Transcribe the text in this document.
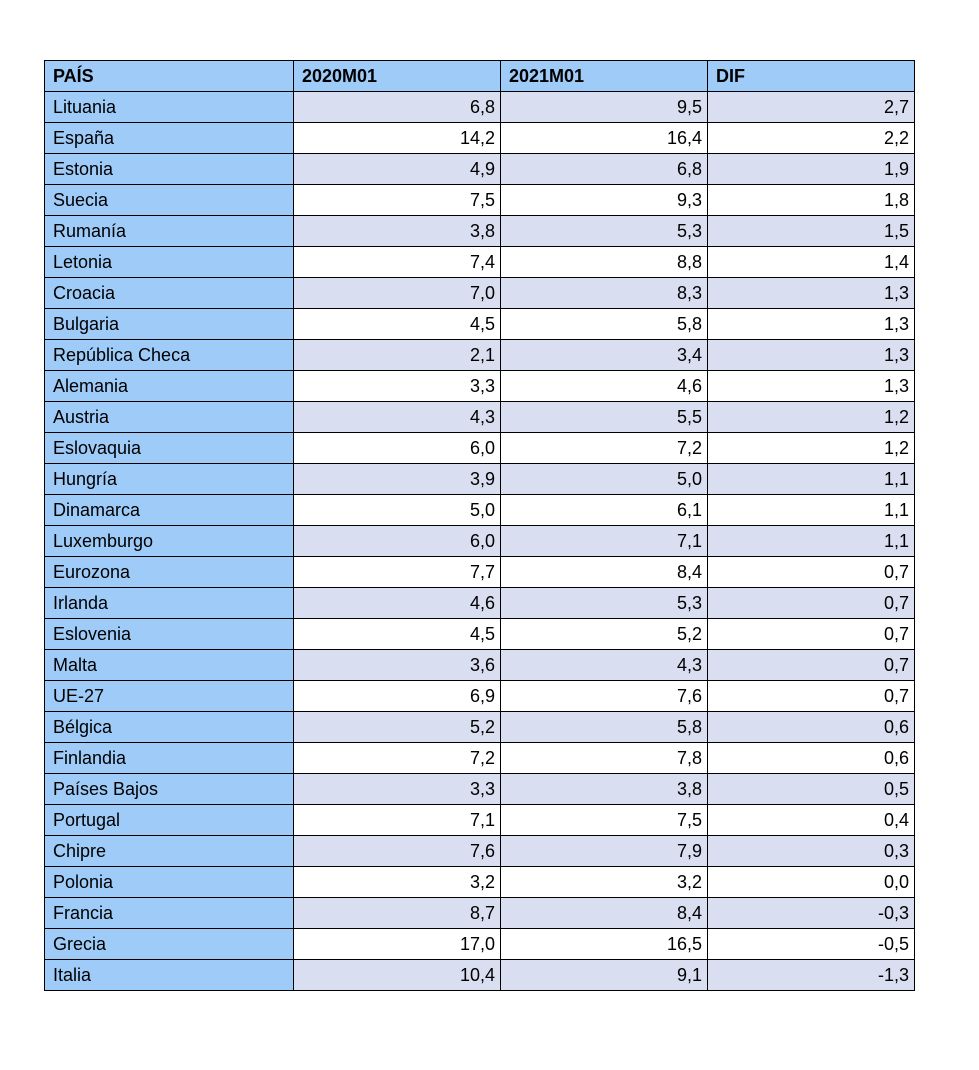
PAÍS	2020M01	2021M01	DIF
Lituania	6,8	9,5	2,7
España	14,2	16,4	2,2
Estonia	4,9	6,8	1,9
Suecia	7,5	9,3	1,8
Rumanía	3,8	5,3	1,5
Letonia	7,4	8,8	1,4
Croacia	7,0	8,3	1,3
Bulgaria	4,5	5,8	1,3
República Checa	2,1	3,4	1,3
Alemania	3,3	4,6	1,3
Austria	4,3	5,5	1,2
Eslovaquia	6,0	7,2	1,2
Hungría	3,9	5,0	1,1
Dinamarca	5,0	6,1	1,1
Luxemburgo	6,0	7,1	1,1
Eurozona	7,7	8,4	0,7
Irlanda	4,6	5,3	0,7
Eslovenia	4,5	5,2	0,7
Malta	3,6	4,3	0,7
UE-27	6,9	7,6	0,7
Bélgica	5,2	5,8	0,6
Finlandia	7,2	7,8	0,6
Países Bajos	3,3	3,8	0,5
Portugal	7,1	7,5	0,4
Chipre	7,6	7,9	0,3
Polonia	3,2	3,2	0,0
Francia	8,7	8,4	-0,3
Grecia	17,0	16,5	-0,5
Italia	10,4	9,1	-1,3
